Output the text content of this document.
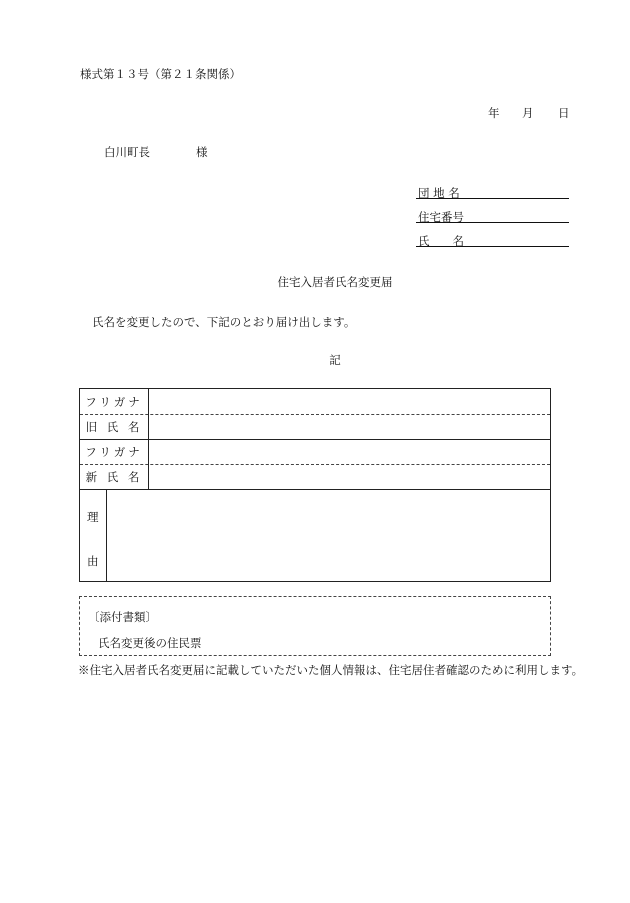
様式第１３号（第２１条関係）
年 月 日
白川町長	様
団 地 名
住宅番号
氏　　名
住宅入居者氏名変更届
氏名を変更したので、下記のとおり届け出します。
記
フリガナ
旧 氏 名
フリガナ
新 氏 名
理
由
〔添付書類〕
氏名変更後の住民票
※住宅入居者氏名変更届に記載していただいた個人情報は、住宅居住者確認のために利用します。
